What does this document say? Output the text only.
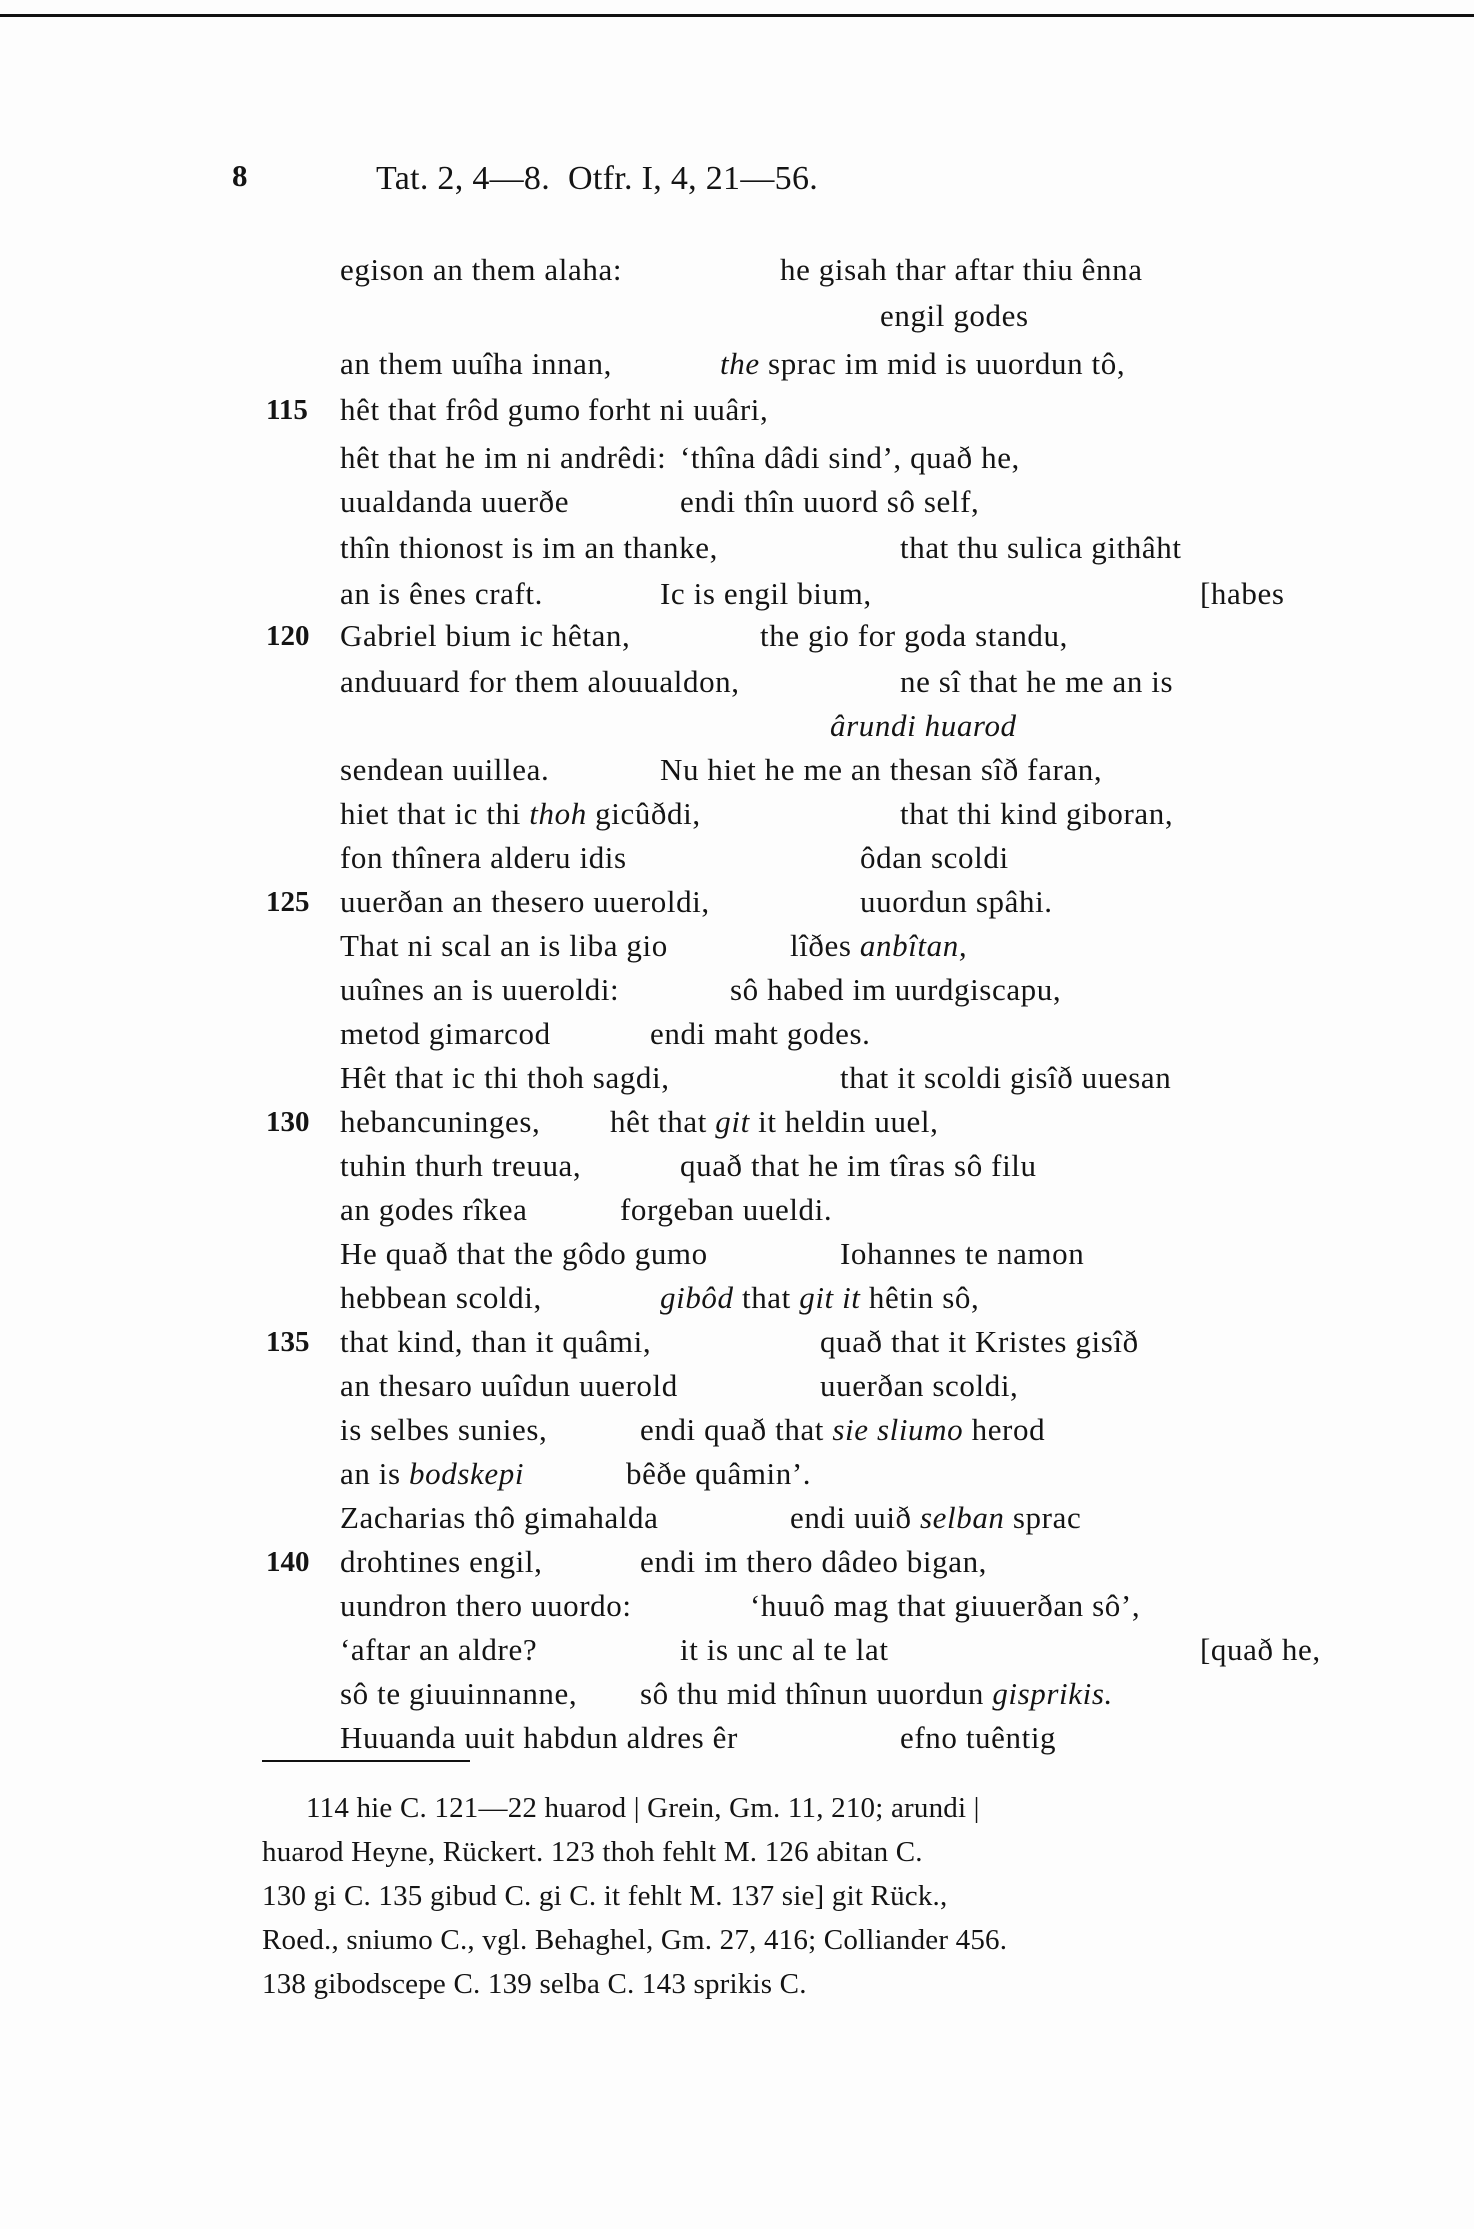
8	Tat. 2, 4—8. Otfr. I, 4, 21—56.
egison an them alaha:	he gisah thar aftar thiu ênna
engil godes
an them uuîha innan,	the sprac im mid is uuordun tô,
115 hêt that frôd gumo forht ni uuâri,
hêt that he im ni andrêdi: ‘thîna dâdi sind’, quað he,
uualdanda uuerðe	endi thîn uuord sô self,
thîn thionost is im an thanke,	that thu sulica githâht
an is ênes craft.	Ic is engil bium,	[habes
120 Gabriel bium ic hêtan,	the gio for goda standu,
anduuard for them alouualdon,	ne sî that he me an is
ârundi huarod
sendean uuillea.	Nu hiet he me an thesan sîð faran,
hiet that ic thi thoh gicûðdi,	that thi kind giboran,
fon thînera alderu idis	ôdan scoldi
125 uuerðan an thesero uueroldi,	uuordun spâhi.
That ni scal an is liba gio	lîðes anbîtan,
uuînes an is uueroldi:	sô habed im uurdgiscapu,
metod gimarcod	endi maht godes.
Hêt that ic thi thoh sagdi,	that it scoldi gisîð uuesan
130 hebancuninges, hêt that git it heldin uuel,
tuhin thurh treuua,	quað that he im tîras sô filu
an godes rîkea	forgeban uueldi.
He quað that the gôdo gumo	Iohannes te namon
hebbean scoldi,	gibôd that git it hêtin sô,
135 that kind, than it quâmi,	quað that it Kristes gisîð
an thesaro uuîdun uuerold	uuerðan scoldi,
is selbes sunies,	endi quað that sie sliumo herod
an is bodskepi	bêðe quâmin’.
Zacharias thô gimahalda	endi uuið selban sprac
140 drohtines engil,	endi im thero dâdeo bigan,
uundron thero uuordo:	‘huuô mag that giuuerðan sô’,
‘aftar an aldre?	it is unc al te lat	[quað he,
sô te giuuinnanne, sô thu mid thînun uuordun gisprikis.
Huuanda uuit habdun aldres êr	efno tuêntig
114 hie C. 121—22 huarod | Grein, Gm. 11, 210; arundi |
huarod Heyne, Rückert. 123 thoh fehlt M. 126 abitan C.
130 gi C. 135 gibud C. gi C. it fehlt M. 137 sie] git Rück.,
Roed., sniumo C., vgl. Behaghel, Gm. 27, 416; Colliander 456.
138 gibodscepe C. 139 selba C. 143 sprikis C.
